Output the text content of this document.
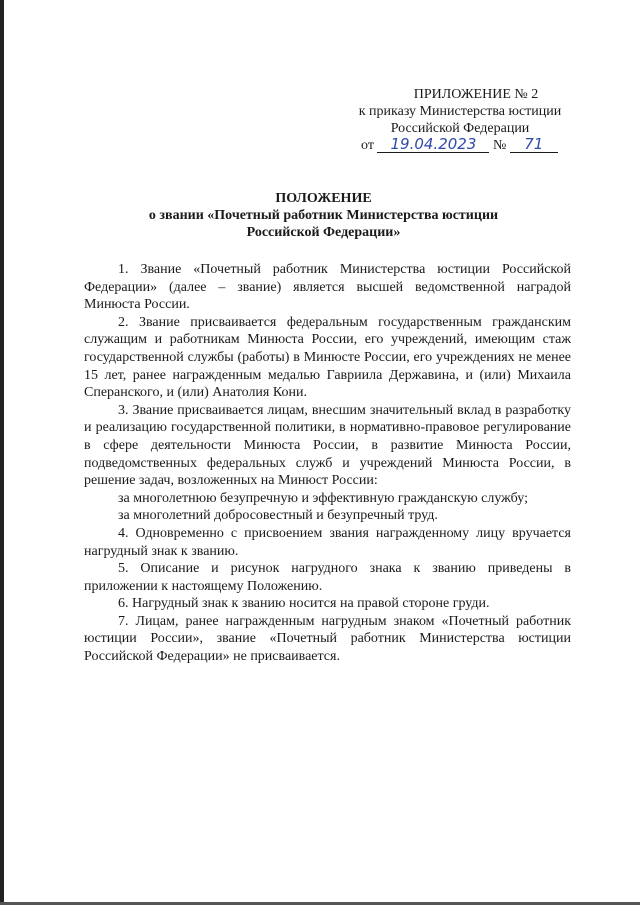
ПРИЛОЖЕНИЕ № 2
к приказу Министерства юстиции
Российской Федерации
от 19.04.2023 № 71
ПОЛОЖЕНИЕ
о звании «Почетный работник Министерства юстиции
Российской Федерации»

1. Звание «Почетный работник Министерства юстиции Российской Федерации» (далее – звание) является высшей ведомственной наградой Минюста России.

2. Звание присваивается федеральным государственным гражданским служащим и работникам Минюста России, его учреждений, имеющим стаж государственной службы (работы) в Минюсте России, его учреждениях не менее 15 лет, ранее награжденным медалью Гавриила Державина, и (или) Михаила Сперанского, и (или) Анатолия Кони.

3. Звание присваивается лицам, внесшим значительный вклад в разработку и реализацию государственной политики, в нормативно-правовое регулирование в сфере деятельности Минюста России, в развитие Минюста России, подведомственных федеральных служб и учреждений Минюста России, в решение задач, возложенных на Минюст России:

за многолетнюю безупречную и эффективную гражданскую службу;

за многолетний добросовестный и безупречный труд.

4. Одновременно с присвоением звания награжденному лицу вручается нагрудный знак к званию.

5. Описание и рисунок нагрудного знака к званию приведены в приложении к настоящему Положению.

6. Нагрудный знак к званию носится на правой стороне груди.

7. Лицам, ранее награжденным нагрудным знаком «Почетный работник юстиции России», звание «Почетный работник Министерства юстиции Российской Федерации» не присваивается.
